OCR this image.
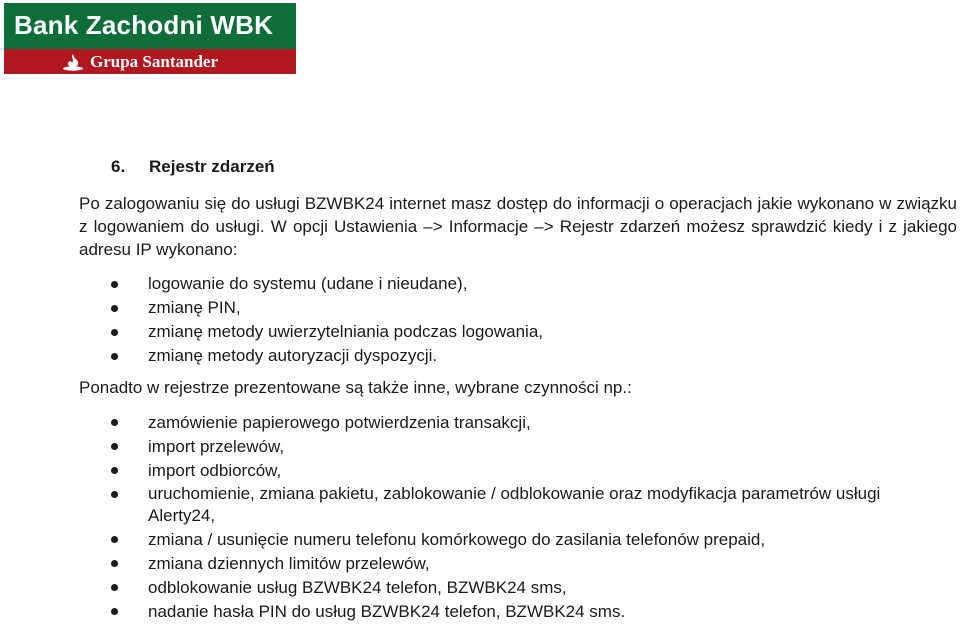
Bank Zachodni WBK
Grupa Santander
6. Rejestr zdarzeń

Po zalogowaniu się do usługi BZWBK24 internet masz dostęp do informacji o operacjach jakie wykonano w związku z logowaniem do usługi. W opcji Ustawienia –> Informacje –> Rejestr zdarzeń możesz sprawdzić kiedy i z jakiego adresu IP wykonano:

logowanie do systemu (udane i nieudane),
zmianę PIN,
zmianę metody uwierzytelniania podczas logowania,
zmianę metody autoryzacji dyspozycji.

Ponadto w rejestrze prezentowane są także inne, wybrane czynności np.:

zamówienie papierowego potwierdzenia transakcji,
import przelewów,
import odbiorców,
uruchomienie, zmiana pakietu, zablokowanie / odblokowanie oraz modyfikacja parametrów usługi Alerty24,
zmiana / usunięcie numeru telefonu komórkowego do zasilania telefonów prepaid,
zmiana dziennych limitów przelewów,
odblokowanie usług BZWBK24 telefon, BZWBK24 sms,
nadanie hasła PIN do usług BZWBK24 telefon, BZWBK24 sms.
